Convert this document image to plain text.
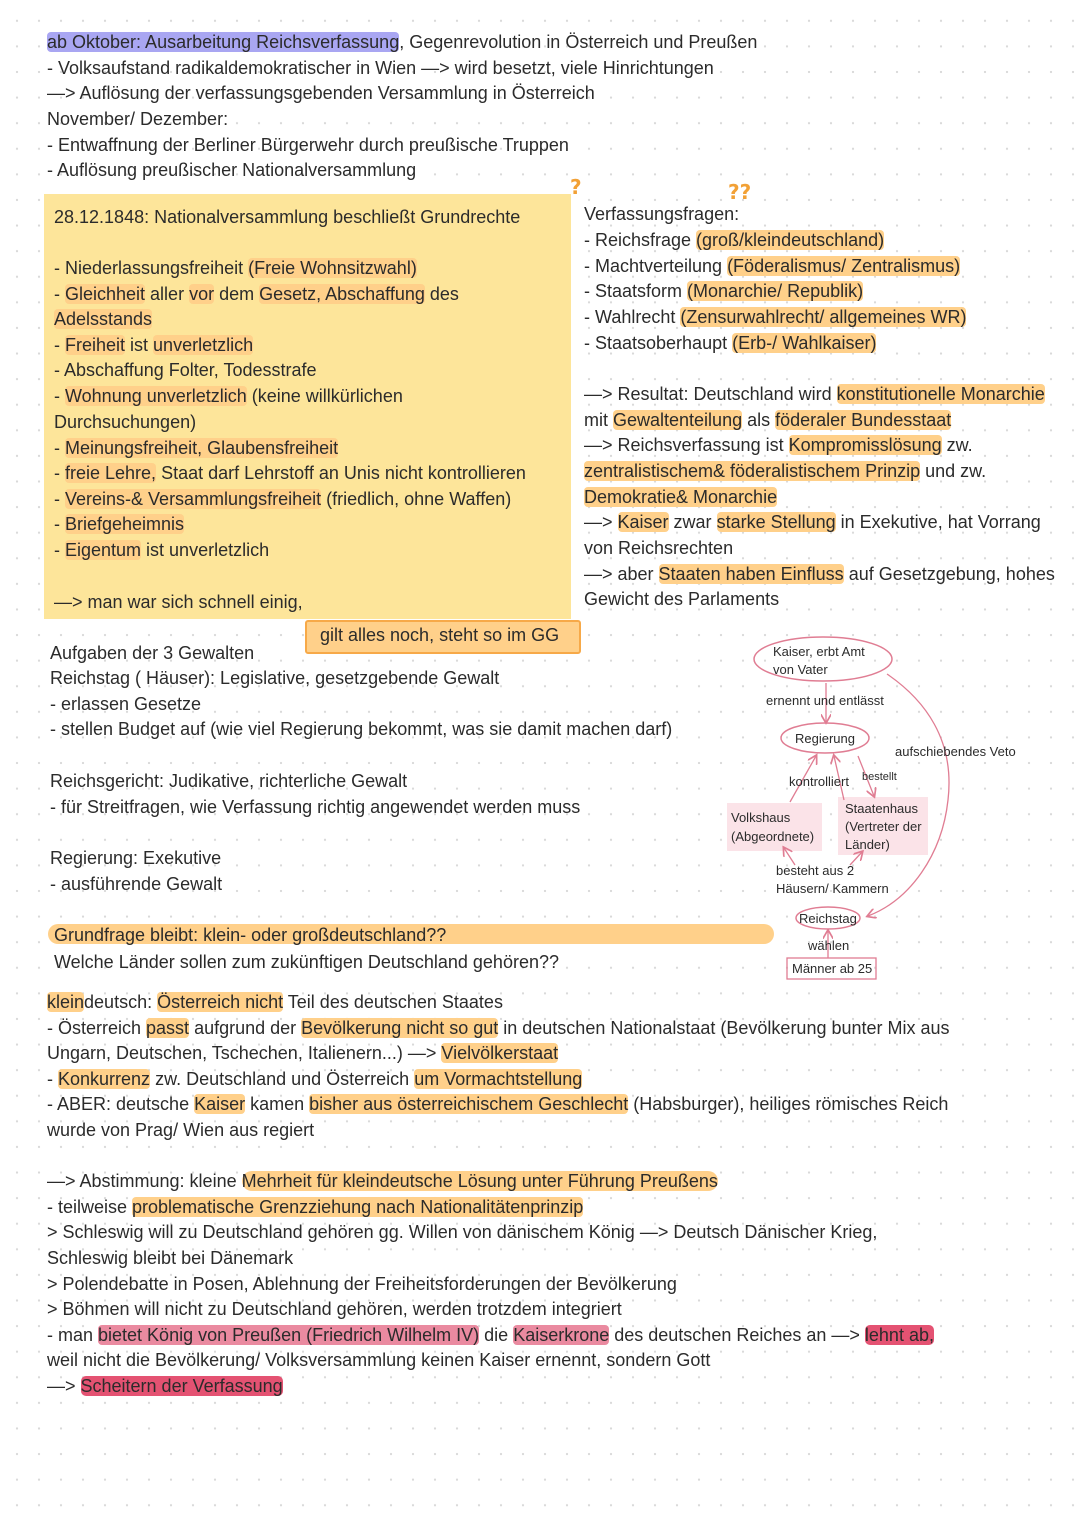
ab Oktober: Ausarbeitung Reichsverfassung, Gegenrevolution in Österreich und Preußen
- Volksaufstand radikaldemokratischer in Wien —> wird besetzt, viele Hinrichtungen
—> Auflösung der verfassungsgebenden Versammlung in Österreich
November/ Dezember:
- Entwaffnung der Berliner Bürgerwehr durch preußische Truppen
- Auflösung preußischer Nationalversammlung
28.12.1848: Nationalversammlung beschließt Grundrechte
- Niederlassungsfreiheit (Freie Wohnsitzwahl)
- Gleichheit aller vor dem Gesetz, Abschaffung des
Adelsstands
- Freiheit ist unverletzlich
- Abschaffung Folter, Todesstrafe
- Wohnung unverletzlich (keine willkürlichen
Durchsuchungen)
- Meinungsfreiheit, Glaubensfreiheit
- freie Lehre, Staat darf Lehrstoff an Unis nicht kontrollieren
- Vereins-& Versammlungsfreiheit (friedlich, ohne Waffen)
- Briefgeheimnis
- Eigentum ist unverletzlich
—> man war sich schnell einig,
gilt alles noch, steht so im GG
?	??
Verfassungsfragen:
- Reichsfrage (groß/kleindeutschland)
- Machtverteilung (Föderalismus/ Zentralismus)
- Staatsform (Monarchie/ Republik)
- Wahlrecht (Zensurwahlrecht/ allgemeines WR)
- Staatsoberhaupt (Erb-/ Wahlkaiser)
—> Resultat: Deutschland wird konstitutionelle Monarchie
mit Gewaltenteilung als föderaler Bundesstaat
—> Reichsverfassung ist Kompromisslösung zw.
zentralistischem& föderalistischem Prinzip und zw.
Demokratie& Monarchie
—> Kaiser zwar starke Stellung in Exekutive, hat Vorrang
von Reichsrechten
—> aber Staaten haben Einfluss auf Gesetzgebung, hohes
Gewicht des Parlaments
Aufgaben der 3 Gewalten
Reichstag ( Häuser): Legislative, gesetzgebende Gewalt
- erlassen Gesetze
- stellen Budget auf (wie viel Regierung bekommt, was sie damit machen darf)
Reichsgericht: Judikative, richterliche Gewalt
- für Streitfragen, wie Verfassung richtig angewendet werden muss
Regierung: Exekutive
- ausführende Gewalt
Kaiser, erbt Amt
von Vater
ernennt und entlässt
Regierung
aufschiebendes Veto
kontrolliert bestellt
Volkshaus
(Abgeordnete)
Staatenhaus
(Vertreter der
Länder)
besteht aus 2
Häusern/ Kammern
Reichstag
wählen
Männer ab 25
Grundfrage bleibt: klein- oder großdeutschland??
Welche Länder sollen zum zukünftigen Deutschland gehören??
kleindeutsch: Österreich nicht Teil des deutschen Staates
- Österreich passt aufgrund der Bevölkerung nicht so gut in deutschen Nationalstaat (Bevölkerung bunter Mix aus
Ungarn, Deutschen, Tschechen, Italienern...) —> Vielvölkerstaat
- Konkurrenz zw. Deutschland und Österreich um Vormachtstellung
- ABER: deutsche Kaiser kamen bisher aus österreichischem Geschlecht (Habsburger), heiliges römisches Reich
wurde von Prag/ Wien aus regiert
—> Abstimmung: kleine Mehrheit für kleindeutsche Lösung unter Führung Preußens
- teilweise problematische Grenzziehung nach Nationalitätenprinzip
> Schleswig will zu Deutschland gehören gg. Willen von dänischem König —> Deutsch Dänischer Krieg,
Schleswig bleibt bei Dänemark
> Polendebatte in Posen, Ablehnung der Freiheitsforderungen der Bevölkerung
> Böhmen will nicht zu Deutschland gehören, werden trotzdem integriert
- man bietet König von Preußen (Friedrich Wilhelm IV) die Kaiserkrone des deutschen Reiches an —> lehnt ab,
weil nicht die Bevölkerung/ Volksversammlung keinen Kaiser ernennt, sondern Gott
—> Scheitern der Verfassung
